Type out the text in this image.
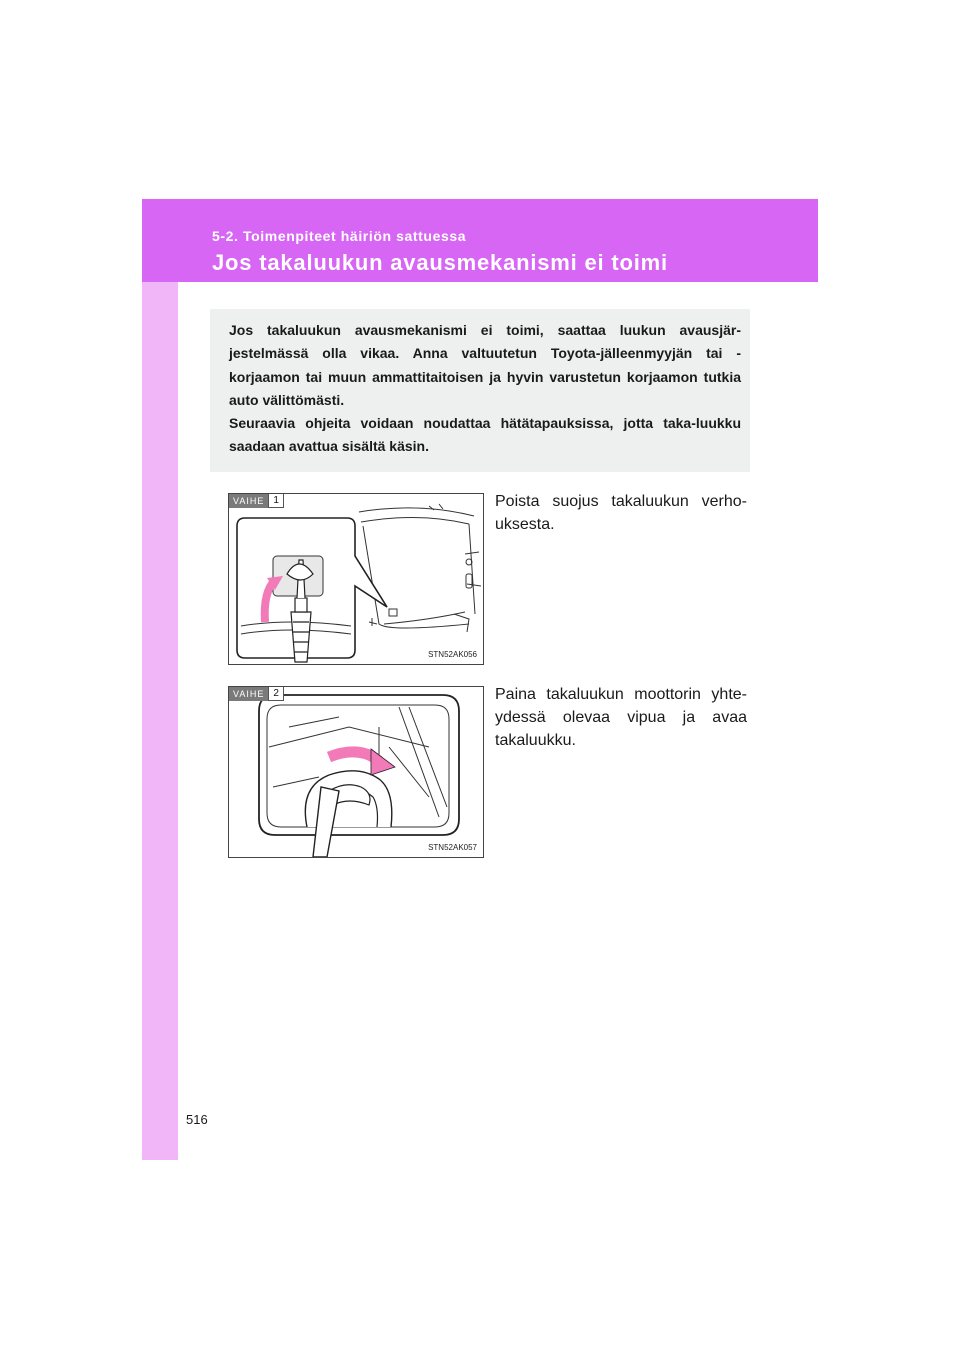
5-2. Toimenpiteet häiriön sattuessa
Jos takaluukun avausmekanismi ei toimi

Jos takaluukun avausmekanismi ei toimi, saattaa luukun avausjär-jestelmässä olla vikaa. Anna valtuutetun Toyota-jälleenmyyjän tai -korjaamon tai muun ammattitaitoisen ja hyvin varustetun korjaamon tutkia auto välittömästi.

Seuraavia ohjeita voidaan noudattaa hätätapauksissa, jotta taka-luukku saadaan avattua sisältä käsin.

VAIHE 1
STN52AK056
Poista suojus takaluukun verho-uksesta.
VAIHE 2
STN52AK057
Paina takaluukun moottorin yhte-ydessä olevaa vipua ja avaa takaluukku.
516
